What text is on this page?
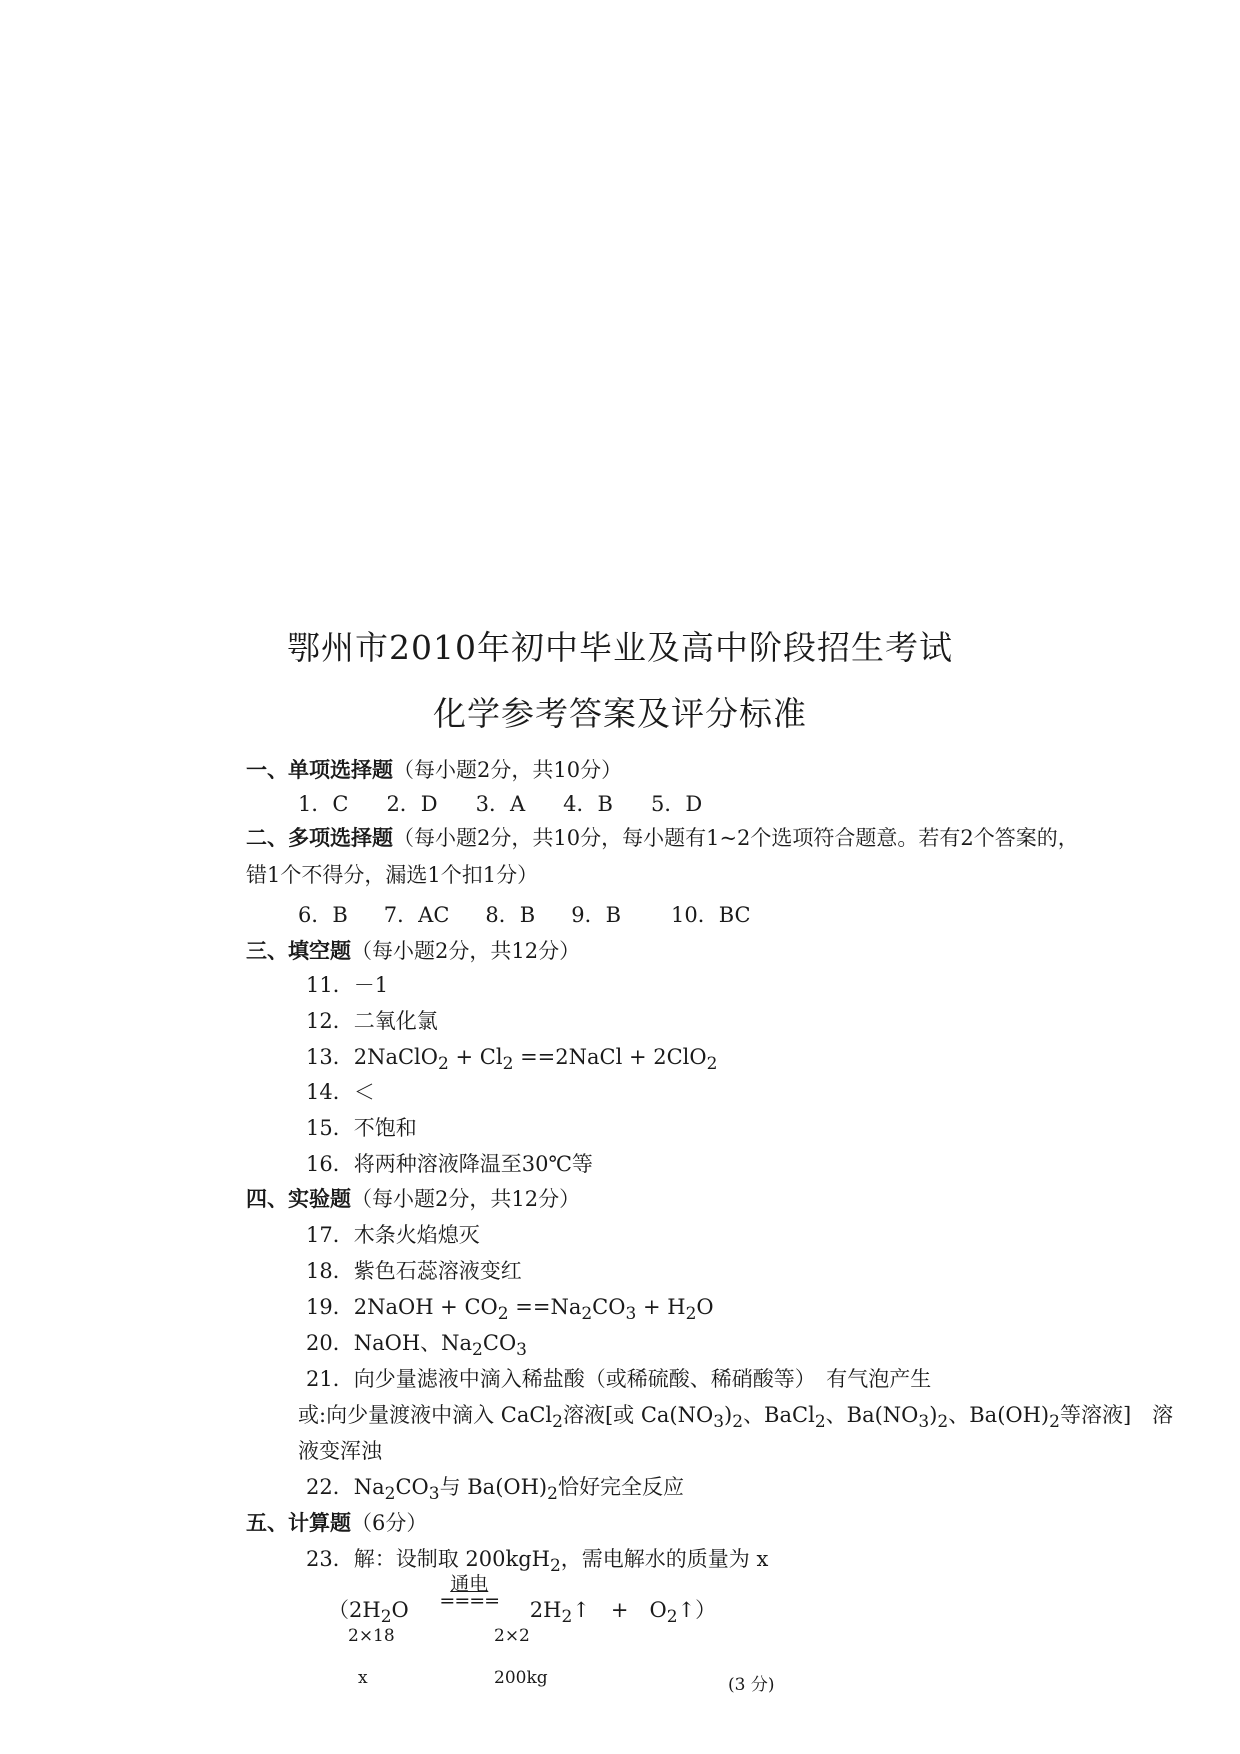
鄂州市2010年初中毕业及高中阶段招生考试
化学参考答案及评分标准
一、单项选择题（每小题2分，共10分）
1．C 2．D 3．A 4．B 5．D
二、多项选择题（每小题2分，共10分，每小题有1~2个选项符合题意。若有2个答案的，
错1个不得分，漏选1个扣1分）
6．B 7．AC 8．B 9．B 10．BC
三、填空题（每小题2分，共12分）
11．－1
12．二氧化氯
13．2NaClO$_2$ + $Cl_2$ ==2NaCl + 2ClO$_2$
14．＜
15．不饱和
16．将两种溶液降温至30℃等
四、实验题（每小题2分，共12分）
17．木条火焰熄灭
18．紫色石蕊溶液变红
19．2NaOH + $CO_2 ==Na_2CO_3 + H_2O$
20．NaOH、$Na_2CO_3$
21．向少量滤液中滴入稀盐酸（或稀硫酸、稀硝酸等）　有气泡产生
或:向少量渡液中滴入 CaCl$_2$溶液[或 $Ca(NO_3)_2$、BaCl$_2$、$Ba(NO_3)_2$、$Ba(OH)_2$等溶液]　溶
液变浑浊
22．$Na_2CO_3$与 $Ba(OH)_2$恰好完全反应
五、计算题（6分）
23．解：设制取 200kgH$_2$，需电解水的质量为 x
（$2H_2O$
通电
==== $2H_2↑$　+　$O_2↑$）
2×18	2×2
x	200kg	(3 分)
